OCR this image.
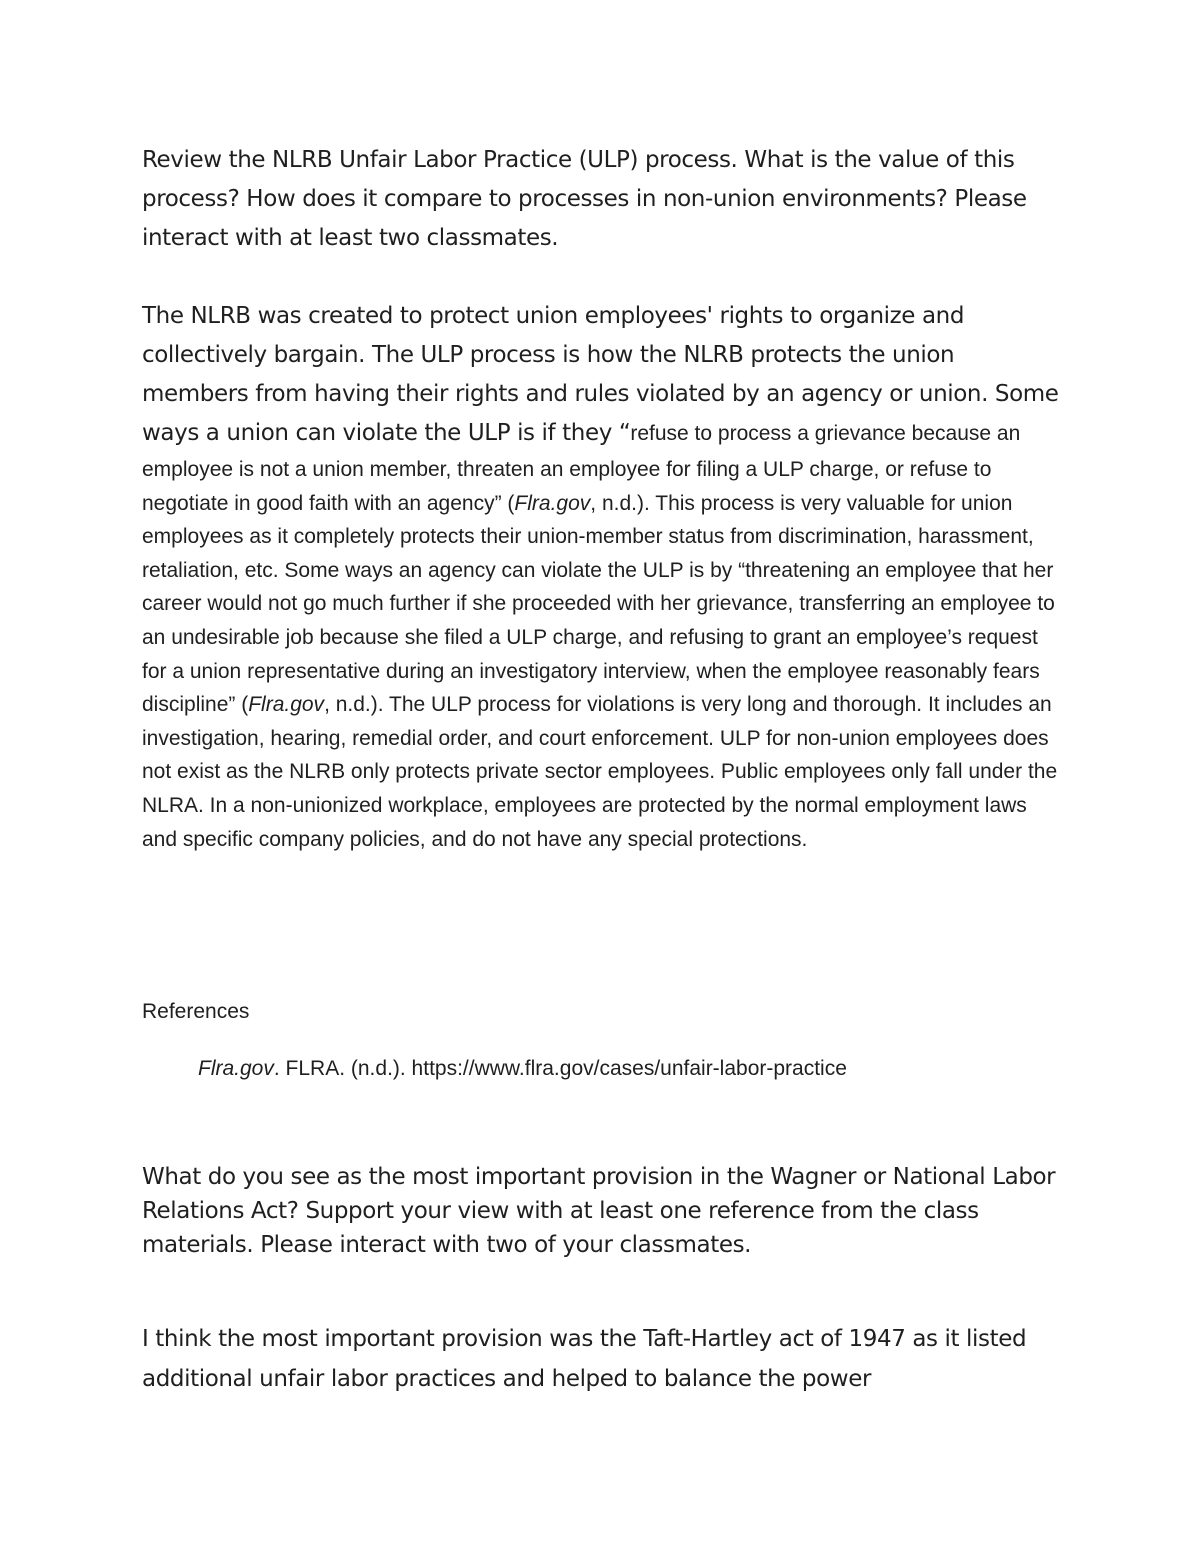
Review the NLRB Unfair Labor Practice (ULP) process. What is the value of this process? How does it compare to processes in non-union environments? Please interact with at least two classmates.

The NLRB was created to protect union employees' rights to organize and collectively bargain. The ULP process is how the NLRB protects the union members from having their rights and rules violated by an agency or union. Some ways a union can violate the ULP is if they “refuse to process a grievance because an employee is not a union member, threaten an employee for filing a ULP charge, or refuse to negotiate in good faith with an agency” (Flra.gov, n.d.). This process is very valuable for union employees as it completely protects their union-member status from discrimination, harassment, retaliation, etc. Some ways an agency can violate the ULP is by “threatening an employee that her career would not go much further if she proceeded with her grievance, transferring an employee to an undesirable job because she filed a ULP charge, and refusing to grant an employee’s request for a union representative during an investigatory interview, when the employee reasonably fears discipline” (Flra.gov, n.d.). The ULP process for violations is very long and thorough. It includes an investigation, hearing, remedial order, and court enforcement. ULP for non-union employees does not exist as the NLRB only protects private sector employees. Public employees only fall under the NLRA. In a non-unionized workplace, employees are protected by the normal employment laws and specific company policies, and do not have any special protections.

References

Flra.gov. FLRA. (n.d.). https://www.flra.gov/cases/unfair-labor-practice

What do you see as the most important provision in the Wagner or National Labor Relations Act? Support your view with at least one reference from the class materials. Please interact with two of your classmates.

I think the most important provision was the Taft-Hartley act of 1947 as it listed additional unfair labor practices and helped to balance the power
